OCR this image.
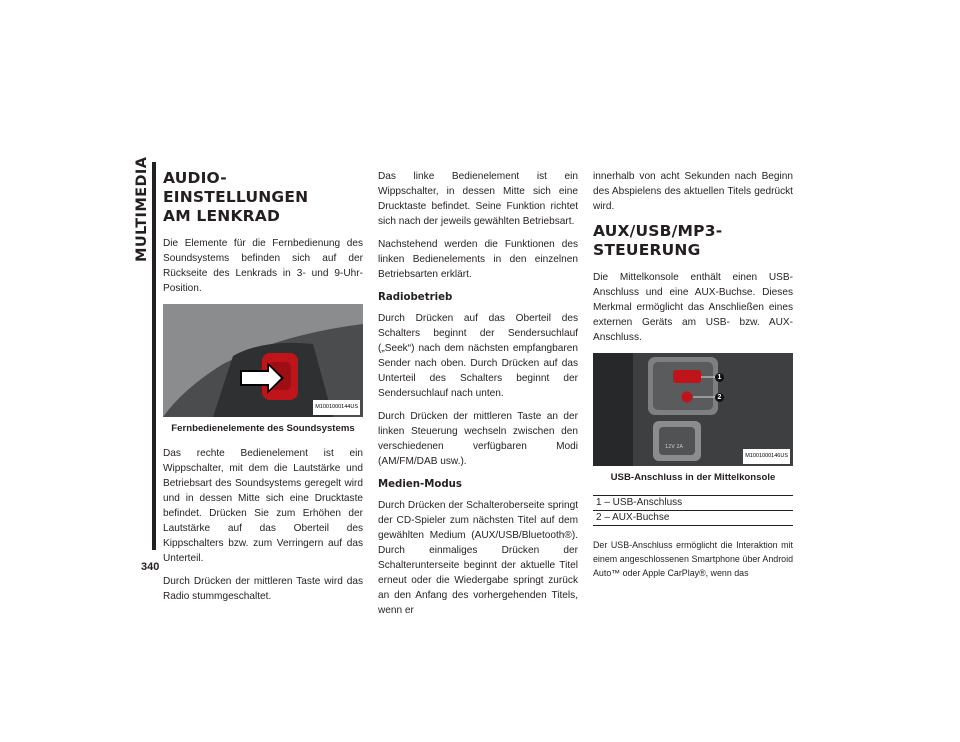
MULTIMEDIA
340
AUDIO-EINSTELLUNGEN
AM LENKRAD

Die Elemente für die Fernbedienung des Soundsystems befinden sich auf der Rückseite des Lenkrads in 3- und 9-Uhr-Position.

M1001000144US
Fernbedienelemente des Soundsystems

Das rechte Bedienelement ist ein Wippschalter, mit dem die Lautstärke und Betriebsart des Soundsystems geregelt wird und in dessen Mitte sich eine Drucktaste befindet. Drücken Sie zum Erhöhen der Lautstärke auf das Oberteil des Kippschalters bzw. zum Verringern auf das Unterteil.

Durch Drücken der mittleren Taste wird das Radio stummgeschaltet.

Das linke Bedienelement ist ein Wippschalter, in dessen Mitte sich eine Drucktaste befindet. Seine Funktion richtet sich nach der jeweils gewählten Betriebsart.

Nachstehend werden die Funktionen des linken Bedienelements in den einzelnen Betriebsarten erklärt.

Radiobetrieb

Durch Drücken auf das Oberteil des Schalters beginnt der Sendersuchlauf („Seek“) nach dem nächsten empfangbaren Sender nach oben. Durch Drücken auf das Unterteil des Schalters beginnt der Sendersuchlauf nach unten.

Durch Drücken der mittleren Taste an der linken Steuerung wechseln zwischen den verschiedenen verfügbaren Modi (AM/FM/DAB usw.).

Medien-Modus

Durch Drücken der Schalteroberseite springt der CD-Spieler zum nächsten Titel auf dem gewählten Medium (AUX/USB/Bluetooth®). Durch einmaliges Drücken der Schalterunterseite beginnt der aktuelle Titel erneut oder die Wiedergabe springt zurück an den Anfang des vorhergehenden Titels, wenn er

innerhalb von acht Sekunden nach Beginn des Abspielens des aktuellen Titels gedrückt wird.

AUX/USB/MP3-STEUERUNG

Die Mittelkonsole enthält einen USB-Anschluss und eine AUX-Buchse. Dieses Merkmal ermöglicht das Anschließen eines externen Geräts am USB- bzw. AUX-Anschluss.

12V 2A
1
2
M1001000146US
USB-Anschluss in der Mittelkonsole
1 – USB-Anschluss
2 – AUX-Buchse

Der USB-Anschluss ermöglicht die Interaktion mit einem angeschlossenen Smartphone über Android Auto™ oder Apple CarPlay®, wenn das
